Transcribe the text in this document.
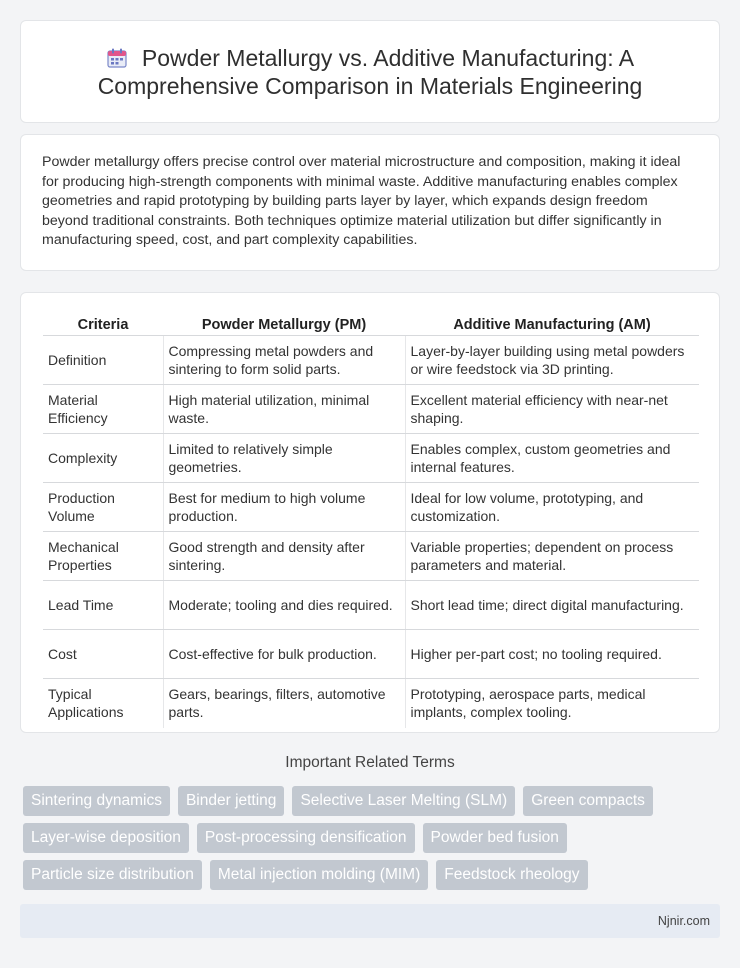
Powder Metallurgy vs. Additive Manufacturing: A Comprehensive Comparison in Materials Engineering

Powder metallurgy offers precise control over material microstructure and composition, making it ideal for producing high-strength components with minimal waste. Additive manufacturing enables complex geometries and rapid prototyping by building parts layer by layer, which expands design freedom beyond traditional constraints. Both techniques optimize material utilization but differ significantly in manufacturing speed, cost, and part complexity capabilities.

Criteria	Powder Metallurgy (PM)	Additive Manufacturing (AM)
Definition	Compressing metal powders and sintering to form solid parts.	Layer-by-layer building using metal powders or wire feedstock via 3D printing.
Material Efficiency	High material utilization, minimal waste.	Excellent material efficiency with near-net shaping.
Complexity	Limited to relatively simple geometries.	Enables complex, custom geometries and internal features.
Production Volume	Best for medium to high volume production.	Ideal for low volume, prototyping, and customization.
Mechanical Properties	Good strength and density after sintering.	Variable properties; dependent on process parameters and material.
Lead Time	Moderate; tooling and dies required.	Short lead time; direct digital manufacturing.
Cost	Cost-effective for bulk production.	Higher per-part cost; no tooling required.
Typical Applications	Gears, bearings, filters, automotive parts.	Prototyping, aerospace parts, medical implants, complex tooling.
Important Related Terms
Sintering dynamics	Binder jetting	Selective Laser Melting (SLM)	Green compacts
Layer-wise deposition	Post-processing densification	Powder bed fusion
Particle size distribution	Metal injection molding (MIM)	Feedstock rheology
Njnir.com
